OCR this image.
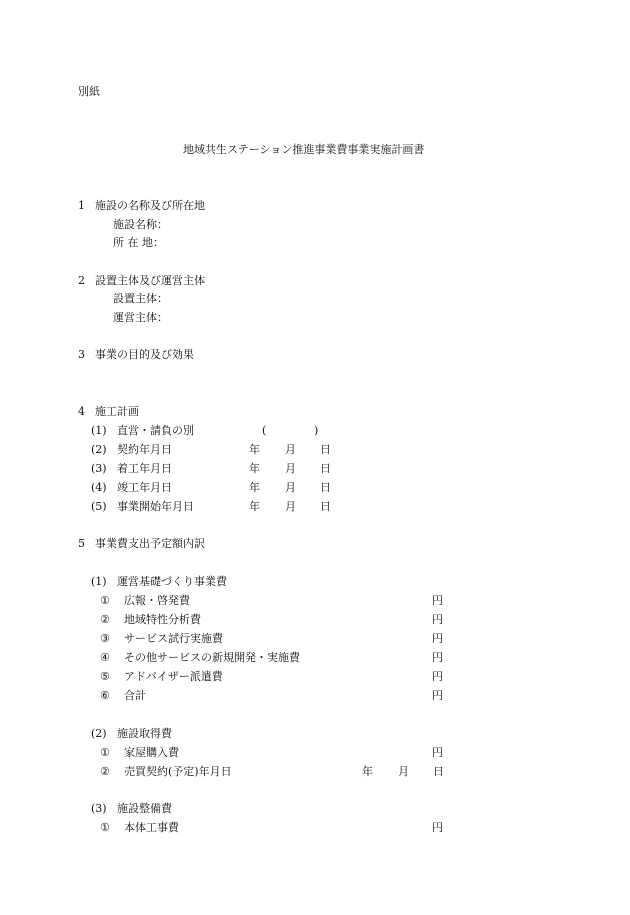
別紙
地域共生ステーション推進事業費事業実施計画書
1 施設の名称及び所在地
施設名称：
所 在 地：
2 設置主体及び運営主体
設置主体：
運営主体：
3 事業の目的及び効果
4 施工計画
(1) 直営・請負の別	(	)
(2) 契約年月日	年 月 日
(3) 着工年月日	年 月 日
(4) 竣工年月日	年 月 日
(5) 事業開始年月日	年 月 日
5 事業費支出予定額内訳
(1) 運営基礎づくり事業費
① 広報・啓発費	円
② 地域特性分析費	円
③ サービス試行実施費	円
④ その他サービスの新規開発・実施費	円
⑤ アドバイザー派遣費	円
⑥ 合計	円
(2) 施設取得費
① 家屋購入費	円
② 売買契約(予定)年月日	年 月 日
(3) 施設整備費
① 本体工事費	円
